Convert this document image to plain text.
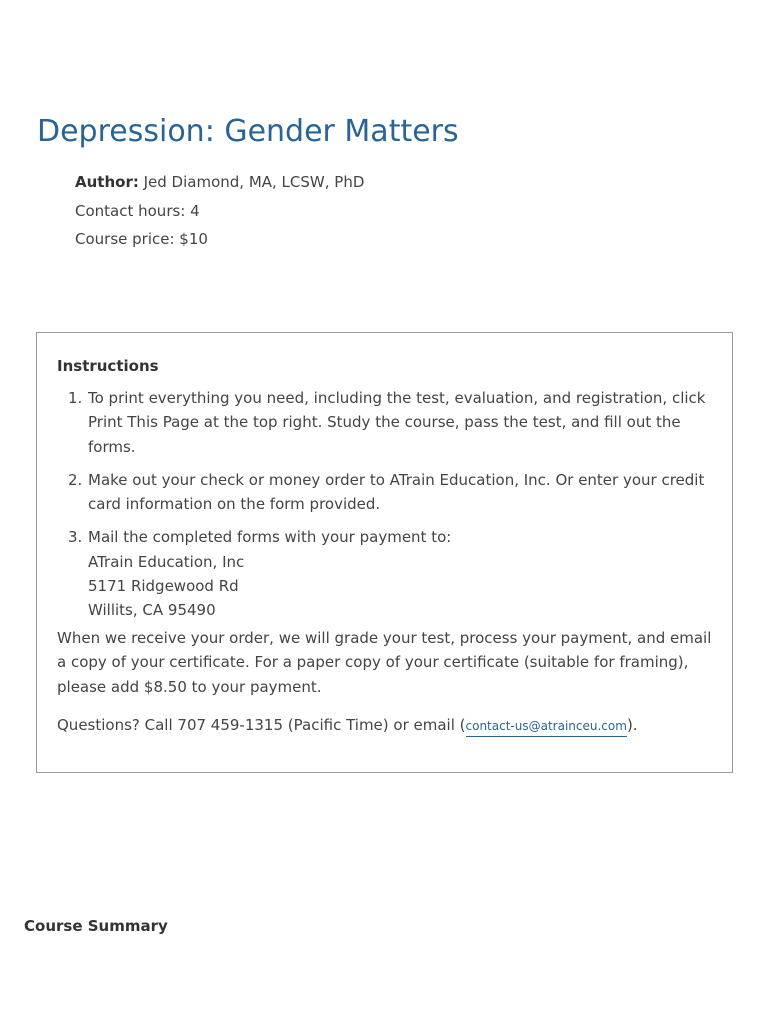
Depression: Gender Matters
Author: Jed Diamond, MA, LCSW, PhD
Contact hours: 4
Course price: $10
Instructions
1. To print everything you need, including the test, evaluation, and registration, click Print This Page at the top right. Study the course, pass the test, and fill out the forms.
2. Make out your check or money order to ATrain Education, Inc. Or enter your credit card information on the form provided.
3. Mail the completed forms with your payment to:
ATrain Education, Inc
5171 Ridgewood Rd
Willits, CA 95490
When we receive your order, we will grade your test, process your payment, and email a copy of your certificate. For a paper copy of your certificate (suitable for framing), please add $8.50 to your payment.
Questions? Call 707 459-1315 (Pacific Time) or email (contact-us@atrainceu.com).
Course Summary
